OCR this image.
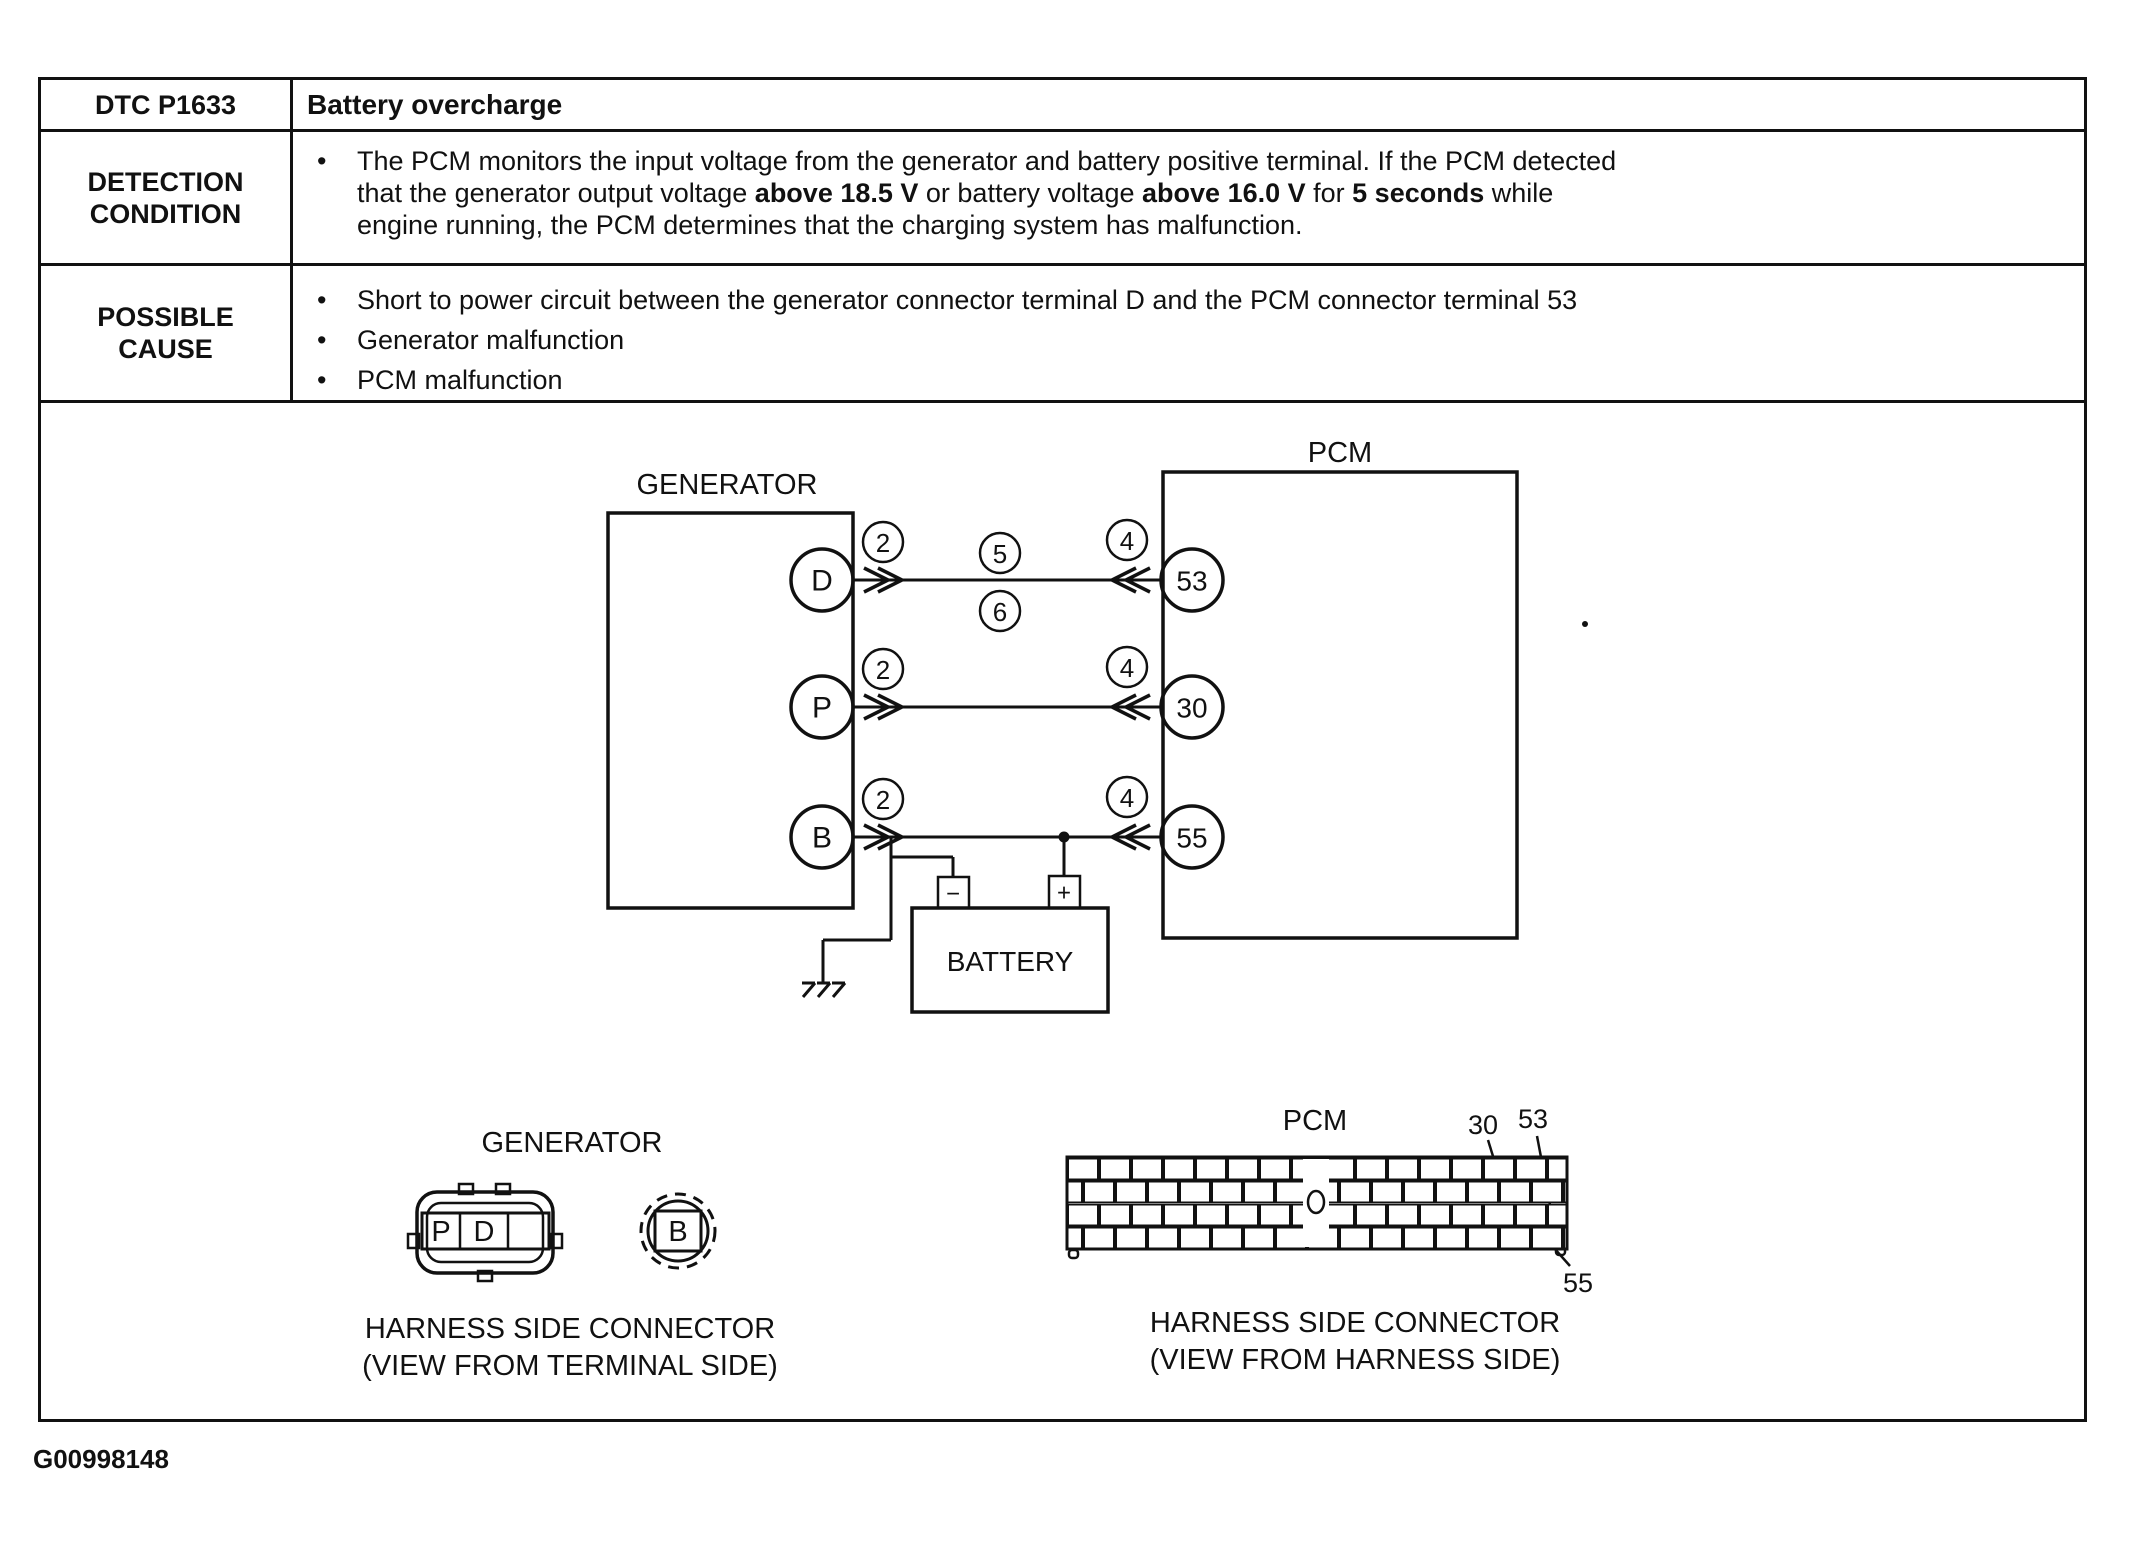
DTC P1633	Battery overcharge
DETECTION
CONDITION
•	The PCM monitors the input voltage from the generator and battery positive terminal. If the PCM detected
that the generator output voltage above 18.5 V or battery voltage above 16.0 V for 5 seconds while
engine running, the PCM determines that the charging system has malfunction.
POSSIBLE
CAUSE
•	Short to power circuit between the generator connector terminal D and the PCM connector terminal 53
•	Generator malfunction
•	PCM malfunction
GENERATOR
PCM
D	53
2	5
6
4
P	30
2	4
B	55
2	4
−	+
BATTERY
GENERATOR
P D	B
HARNESS SIDE CONNECTOR
(VIEW FROM TERMINAL SIDE)
PCM	30 53
55
HARNESS SIDE CONNECTOR
(VIEW FROM HARNESS SIDE)
G00998148
